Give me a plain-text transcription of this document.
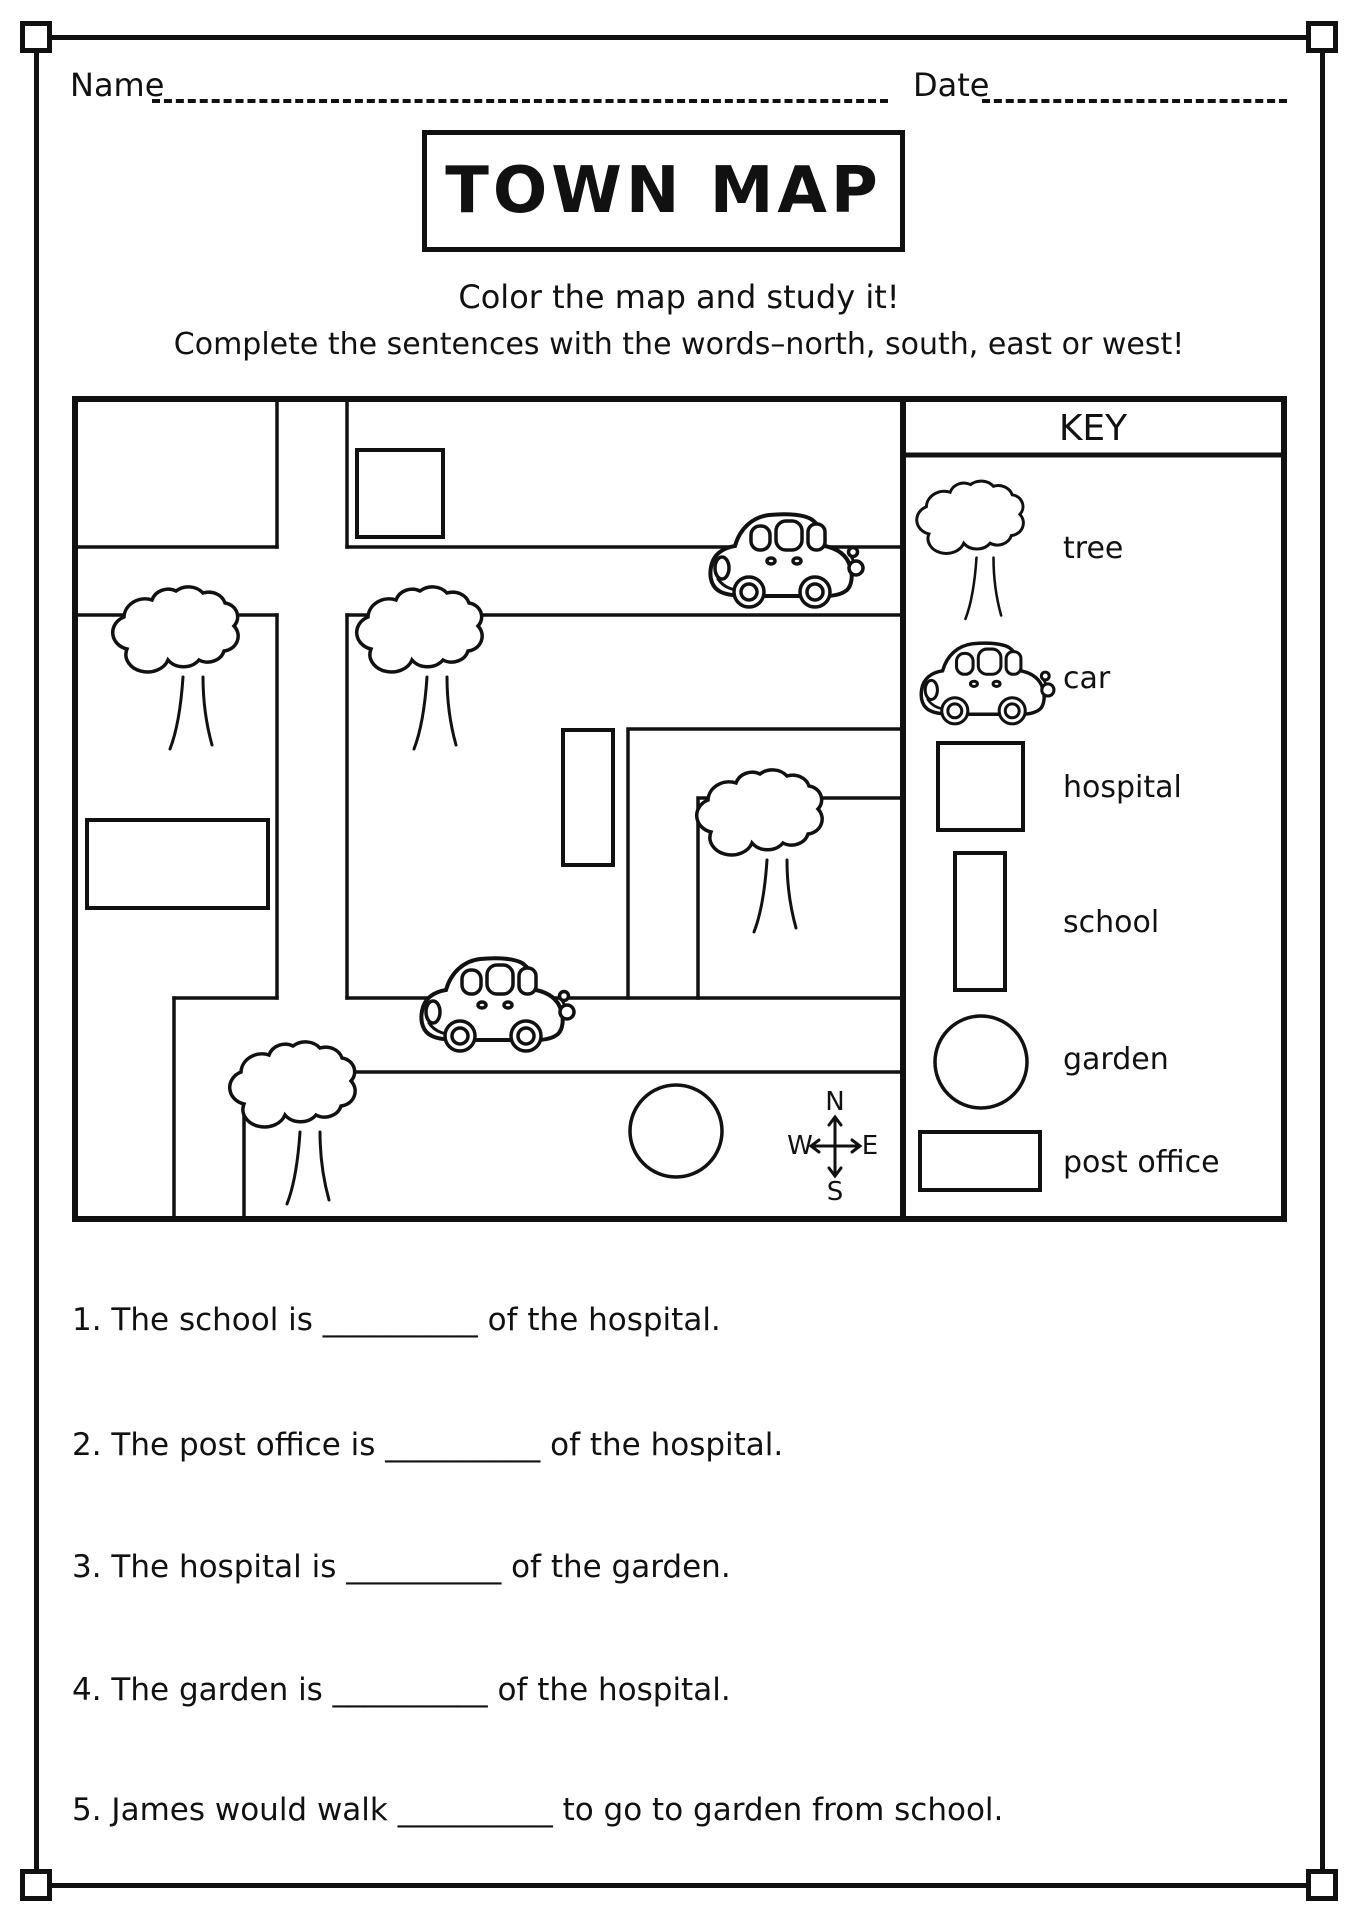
Name	Date
TOWN MAP
Color the map and study it!
Complete the sentences with the words–north, south, east or west!
N
S
W E
KEY
tree
car
hospital
school
garden
post office
1. The school is __________ of the hospital.
2. The post office is __________ of the hospital.
3. The hospital is __________ of the garden.
4. The garden is __________ of the hospital.
5. James would walk __________ to go to garden from school.
